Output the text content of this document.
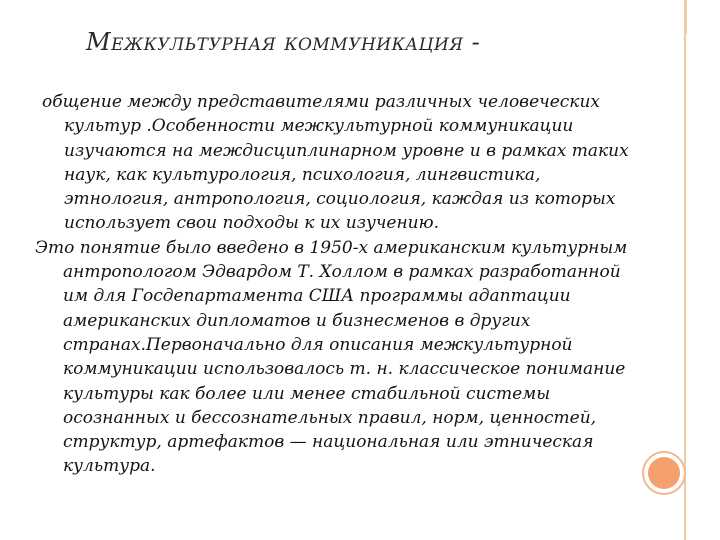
Межкультурная коммуникация -

общение между представителями различных человеческих культур .Особенности межкультурной коммуникации изучаются на междисциплинарном уровне и в рамках таких наук, как культурология, психология, лингвистика, этнология, антропология, социология, каждая из которых использует свои подходы к их изучению.

Это понятие было введено в 1950-х американским культурным антропологом Эдвардом Т. Холлом в рамках разработанной им для Госдепартамента США программы адаптации американских дипломатов и бизнесменов в других странах.Первоначально для описания межкультурной коммуникации использовалось т. н. классическое понимание культуры как более или менее стабильной системы осознанных и бессознательных правил, норм, ценностей, структур, артефактов — национальная или этническая культура.
